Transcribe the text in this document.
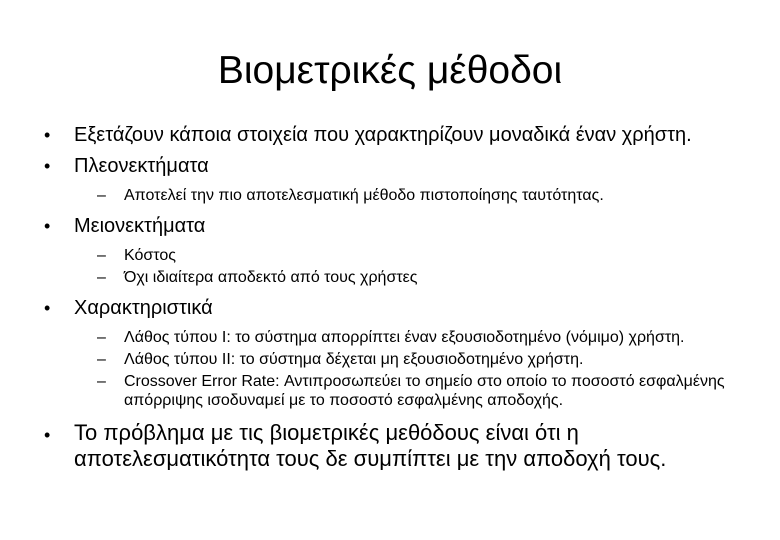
Βιομετρικές μέθοδοι
•	Εξετάζουν κάποια στοιχεία που χαρακτηρίζουν μοναδικά έναν χρήστη.
•	Πλεονεκτήματα
– Αποτελεί την πιο αποτελεσματική μέθοδο πιστοποίησης ταυτότητας.
•	Μειονεκτήματα
– Κόστος
– Όχι ιδιαίτερα αποδεκτό από τους χρήστες
•	Χαρακτηριστικά
– Λάθος τύπου Ι: το σύστημα απορρίπτει έναν εξουσιοδοτημένο (νόμιμο) χρήστη.
– Λάθος τύπου ΙΙ: το σύστημα δέχεται μη εξουσιοδοτημένο χρήστη.
– Crossover Error Rate: Αντιπροσωπεύει το σημείο στο οποίο το ποσοστό εσφαλμένης απόρριψης ισοδυναμεί με το ποσοστό εσφαλμένης αποδοχής.
•	Το πρόβλημα με τις βιομετρικές μεθόδους είναι ότι η αποτελεσματικότητα τους δε συμπίπτει με την αποδοχή τους.
